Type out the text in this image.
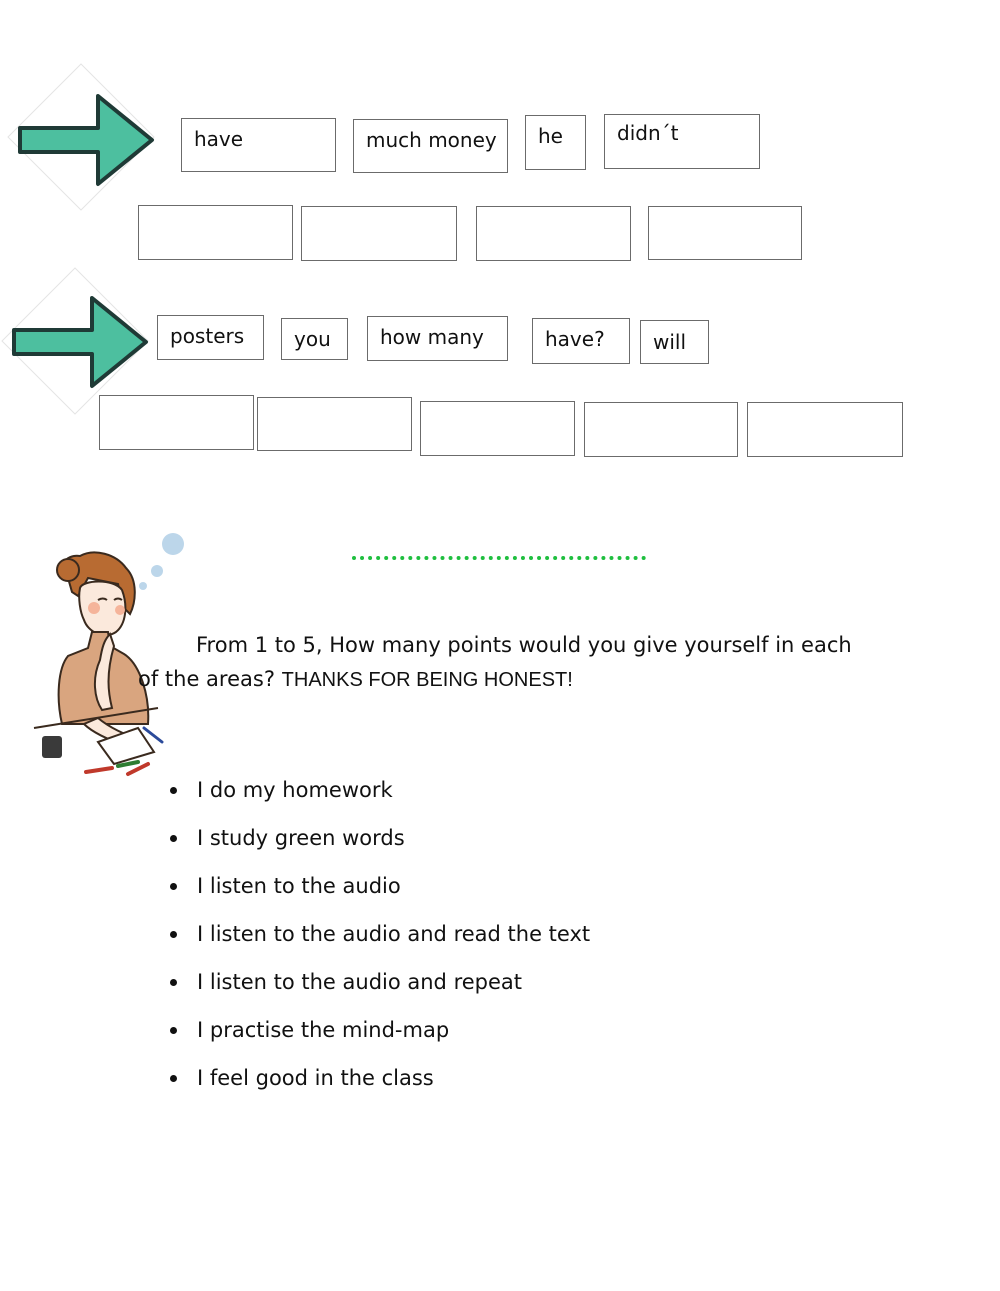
have	much money	he	didn´t
posters	you	how many	have?	will
From 1 to 5, How many points would you give yourself in each
of the areas? THANKS FOR BEING HONEST!
I do my homework
I study green words
I listen to the audio
I listen to the audio and read the text
I listen to the audio and repeat
I practise the mind-map
I feel good in the class
